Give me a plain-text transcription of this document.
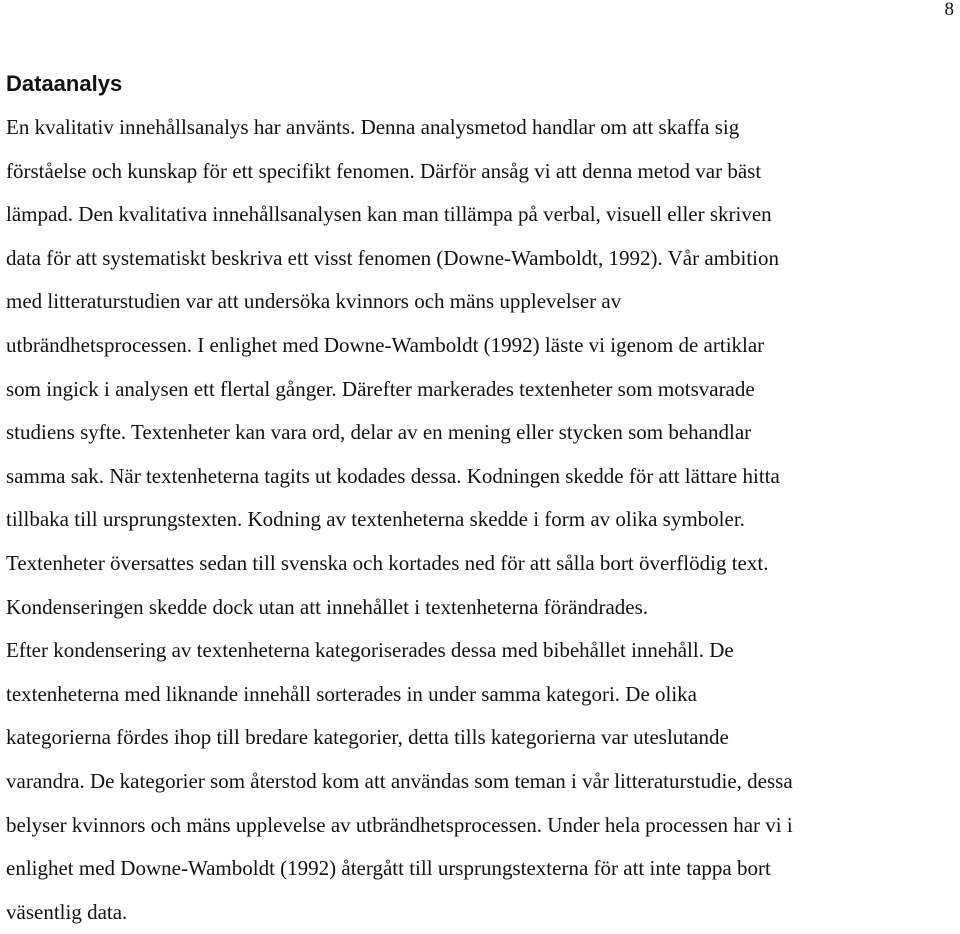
8
Dataanalys
En kvalitativ innehållsanalys har använts. Denna analysmetod handlar om att skaffa sig
förståelse och kunskap för ett specifikt fenomen. Därför ansåg vi att denna metod var bäst
lämpad. Den kvalitativa innehållsanalysen kan man tillämpa på verbal, visuell eller skriven
data för att systematiskt beskriva ett visst fenomen (Downe-Wamboldt, 1992). Vår ambition
med litteraturstudien var att undersöka kvinnors och mäns upplevelser av
utbrändhetsprocessen. I enlighet med Downe-Wamboldt (1992) läste vi igenom de artiklar
som ingick i analysen ett flertal gånger. Därefter markerades textenheter som motsvarade
studiens syfte. Textenheter kan vara ord, delar av en mening eller stycken som behandlar
samma sak. När textenheterna tagits ut kodades dessa. Kodningen skedde för att lättare hitta
tillbaka till ursprungstexten. Kodning av textenheterna skedde i form av olika symboler.
Textenheter översattes sedan till svenska och kortades ned för att sålla bort överflödig text.
Kondenseringen skedde dock utan att innehållet i textenheterna förändrades.
Efter kondensering av textenheterna kategoriserades dessa med bibehållet innehåll. De
textenheterna med liknande innehåll sorterades in under samma kategori. De olika
kategorierna fördes ihop till bredare kategorier, detta tills kategorierna var uteslutande
varandra. De kategorier som återstod kom att användas som teman i vår litteraturstudie, dessa
belyser kvinnors och mäns upplevelse av utbrändhetsprocessen. Under hela processen har vi i
enlighet med Downe-Wamboldt (1992) återgått till ursprungstexterna för att inte tappa bort
väsentlig data.
